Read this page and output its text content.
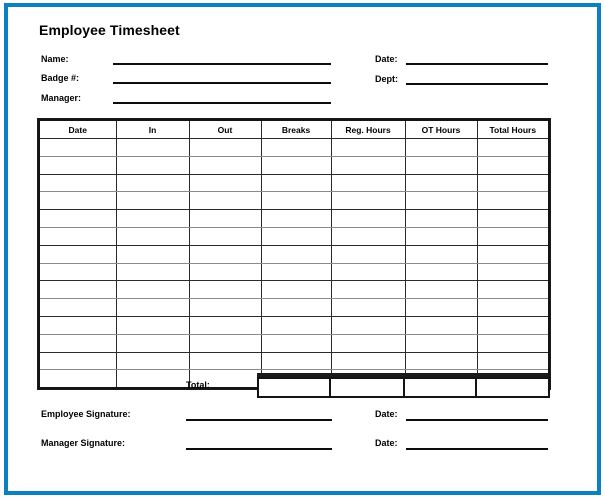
Employee Timesheet
Name:
Badge #:
Manager:
Date:
Dept:
Date	In	Out	Breaks	Reg. Hours	OT Hours	Total Hours

Total:

Employee Signature:	Date:
Manager Signature:	Date:
